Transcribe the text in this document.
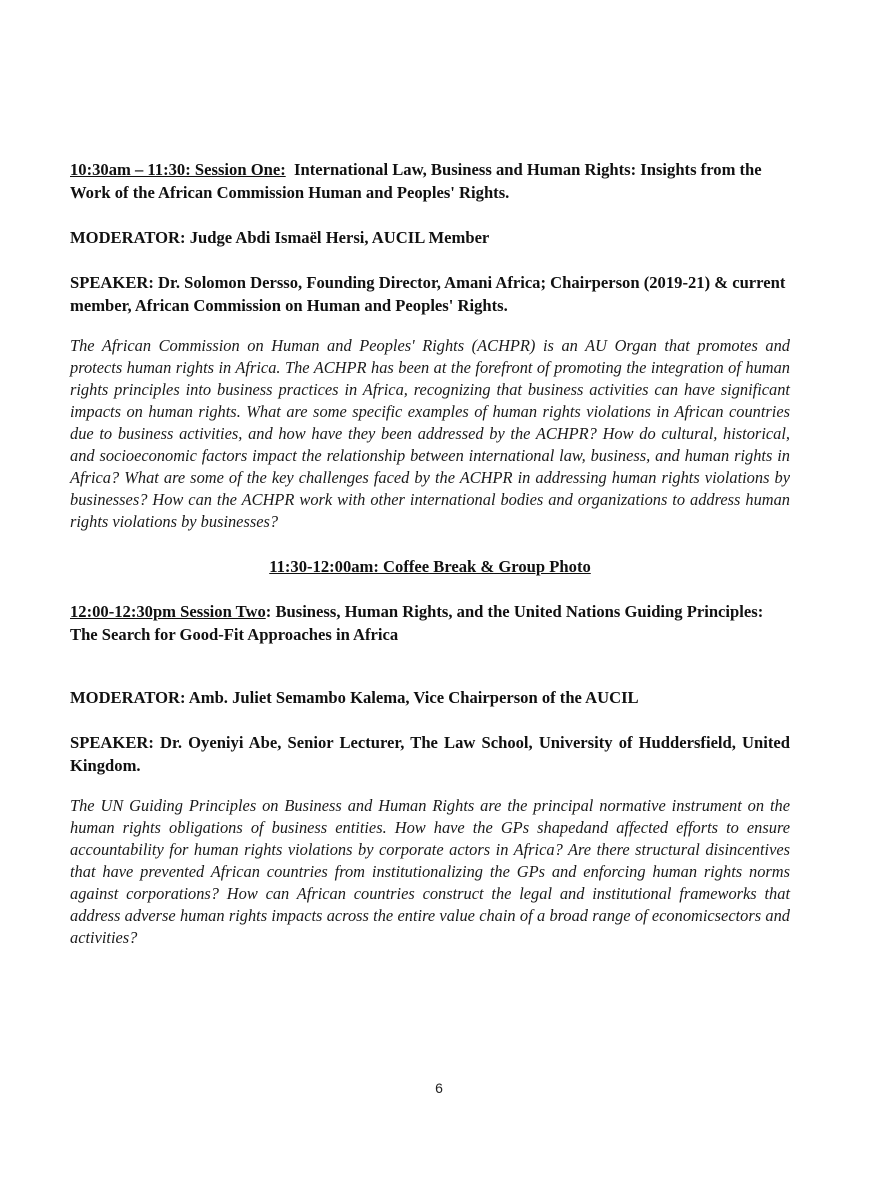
10:30am – 11:30: Session One: International Law, Business and Human Rights: Insights from the Work of the African Commission Human and Peoples' Rights.

MODERATOR: Judge Abdi Ismaël Hersi, AUCIL Member

SPEAKER: Dr. Solomon Dersso, Founding Director, Amani Africa; Chairperson (2019-21) & current member, African Commission on Human and Peoples' Rights.

The African Commission on Human and Peoples' Rights (ACHPR) is an AU Organ that promotes and protects human rights in Africa. The ACHPR has been at the forefront of promoting the integration of human rights principles into business practices in Africa, recognizing that business activities can have significant impacts on human rights. What are some specific examples of human rights violations in African countries due to business activities, and how have they been addressed by the ACHPR? How do cultural, historical, and socioeconomic factors impact the relationship between international law, business, and human rights in Africa? What are some of the key challenges faced by the ACHPR in addressing human rights violations by businesses? How can the ACHPR work with other international bodies and organizations to address human rights violations by businesses?

11:30-12:00am: Coffee Break & Group Photo

12:00-12:30pm Session Two: Business, Human Rights, and the United Nations Guiding Principles: The Search for Good-Fit Approaches in Africa

MODERATOR: Amb. Juliet Semambo Kalema, Vice Chairperson of the AUCIL

SPEAKER: Dr. Oyeniyi Abe, Senior Lecturer, The Law School, University of Huddersfield, United Kingdom.

The UN Guiding Principles on Business and Human Rights are the principal normative instrument on the human rights obligations of business entities. How have the GPs shapedand affected efforts to ensure accountability for human rights violations by corporate actors in Africa? Are there structural disincentives that have prevented African countries from institutionalizing the GPs and enforcing human rights norms against corporations? How can African countries construct the legal and institutional frameworks that address adverse human rights impacts across the entire value chain of a broad range of economicsectors and activities?

6
